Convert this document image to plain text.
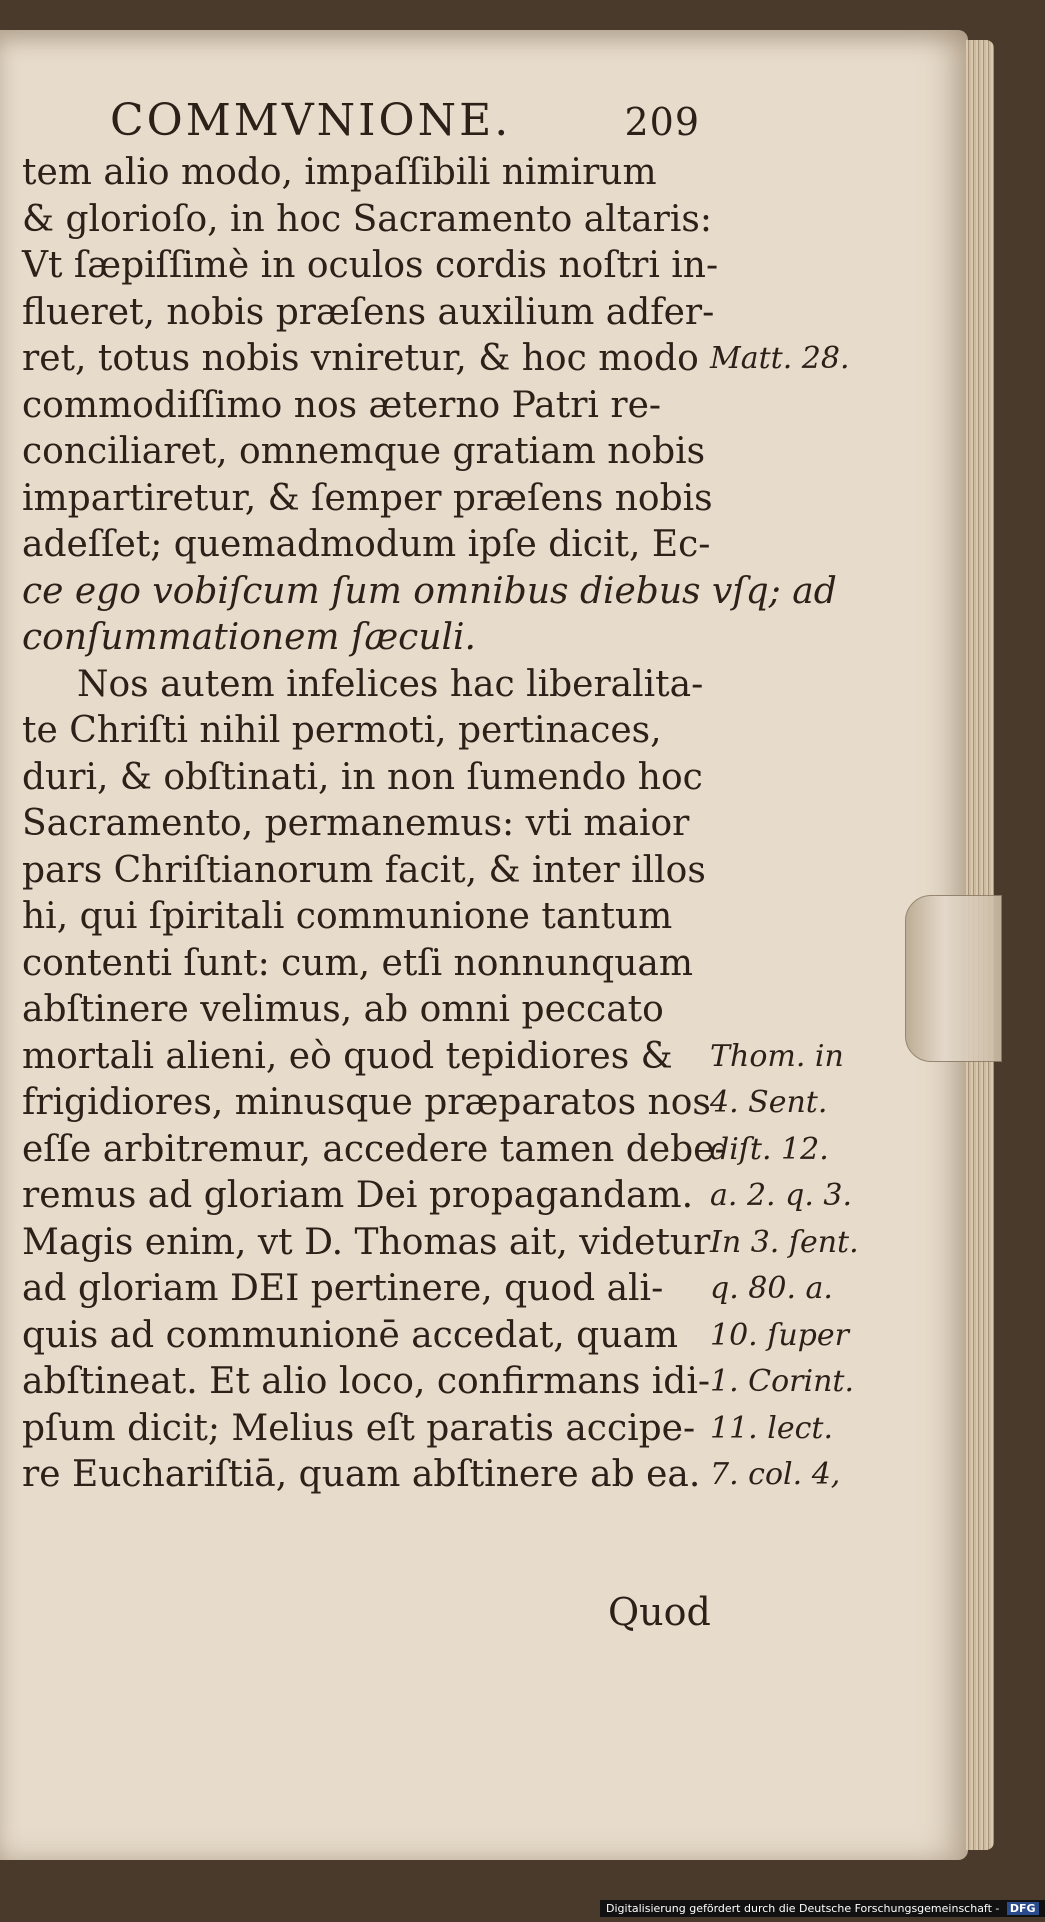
COMMVNIONE.	209
tem alio modo, impaſſibili nimirum
& glorioſo, in hoc Sacramento altaris:
Vt ſæpiſſimè in oculos cordis noſtri in-
flueret, nobis præſens auxilium adfer-
ret, totus nobis vniretur, & hoc modo
commodiſſimo nos æterno Patri re-
conciliaret, omnemque gratiam nobis
impartiretur, & ſemper præſens nobis
adeſſet; quemadmodum ipſe dicit, Ec-
ce ego vobiſcum ſum omnibus diebus vſq; ad
conſummationem ſæculi.
Nos autem infelices hac liberalita-
te Chriſti nihil permoti, pertinaces,
duri, & obſtinati, in non ſumendo hoc
Sacramento, permanemus: vti maior
pars Chriſtianorum facit, & inter illos
hi, qui ſpiritali communione tantum
contenti ſunt: cum, etſi nonnunquam
abſtinere velimus, ab omni peccato
mortali alieni, eò quod tepidiores &
frigidiores, minusque præparatos nos
eſſe arbitremur, accedere tamen debe-
remus ad gloriam Dei propagandam.
Magis enim, vt D. Thomas ait, videtur
ad gloriam DEI pertinere, quod ali-
quis ad communionē accedat, quam
abſtineat. Et alio loco, confirmans idi-
pſum dicit; Melius eſt paratis accipe-
re Euchariſtiā, quam abſtinere ab ea.
Matt. 28.
Thom. in
4. Sent.
diſt. 12.
a. 2. q. 3.
In 3. ſent.
q. 80. a.
10. ſuper
1. Corint.
11. lect.
7. col. 4,
Quod
Digitalisierung gefördert durch die Deutsche Forschungsgemeinschaft - DFG
